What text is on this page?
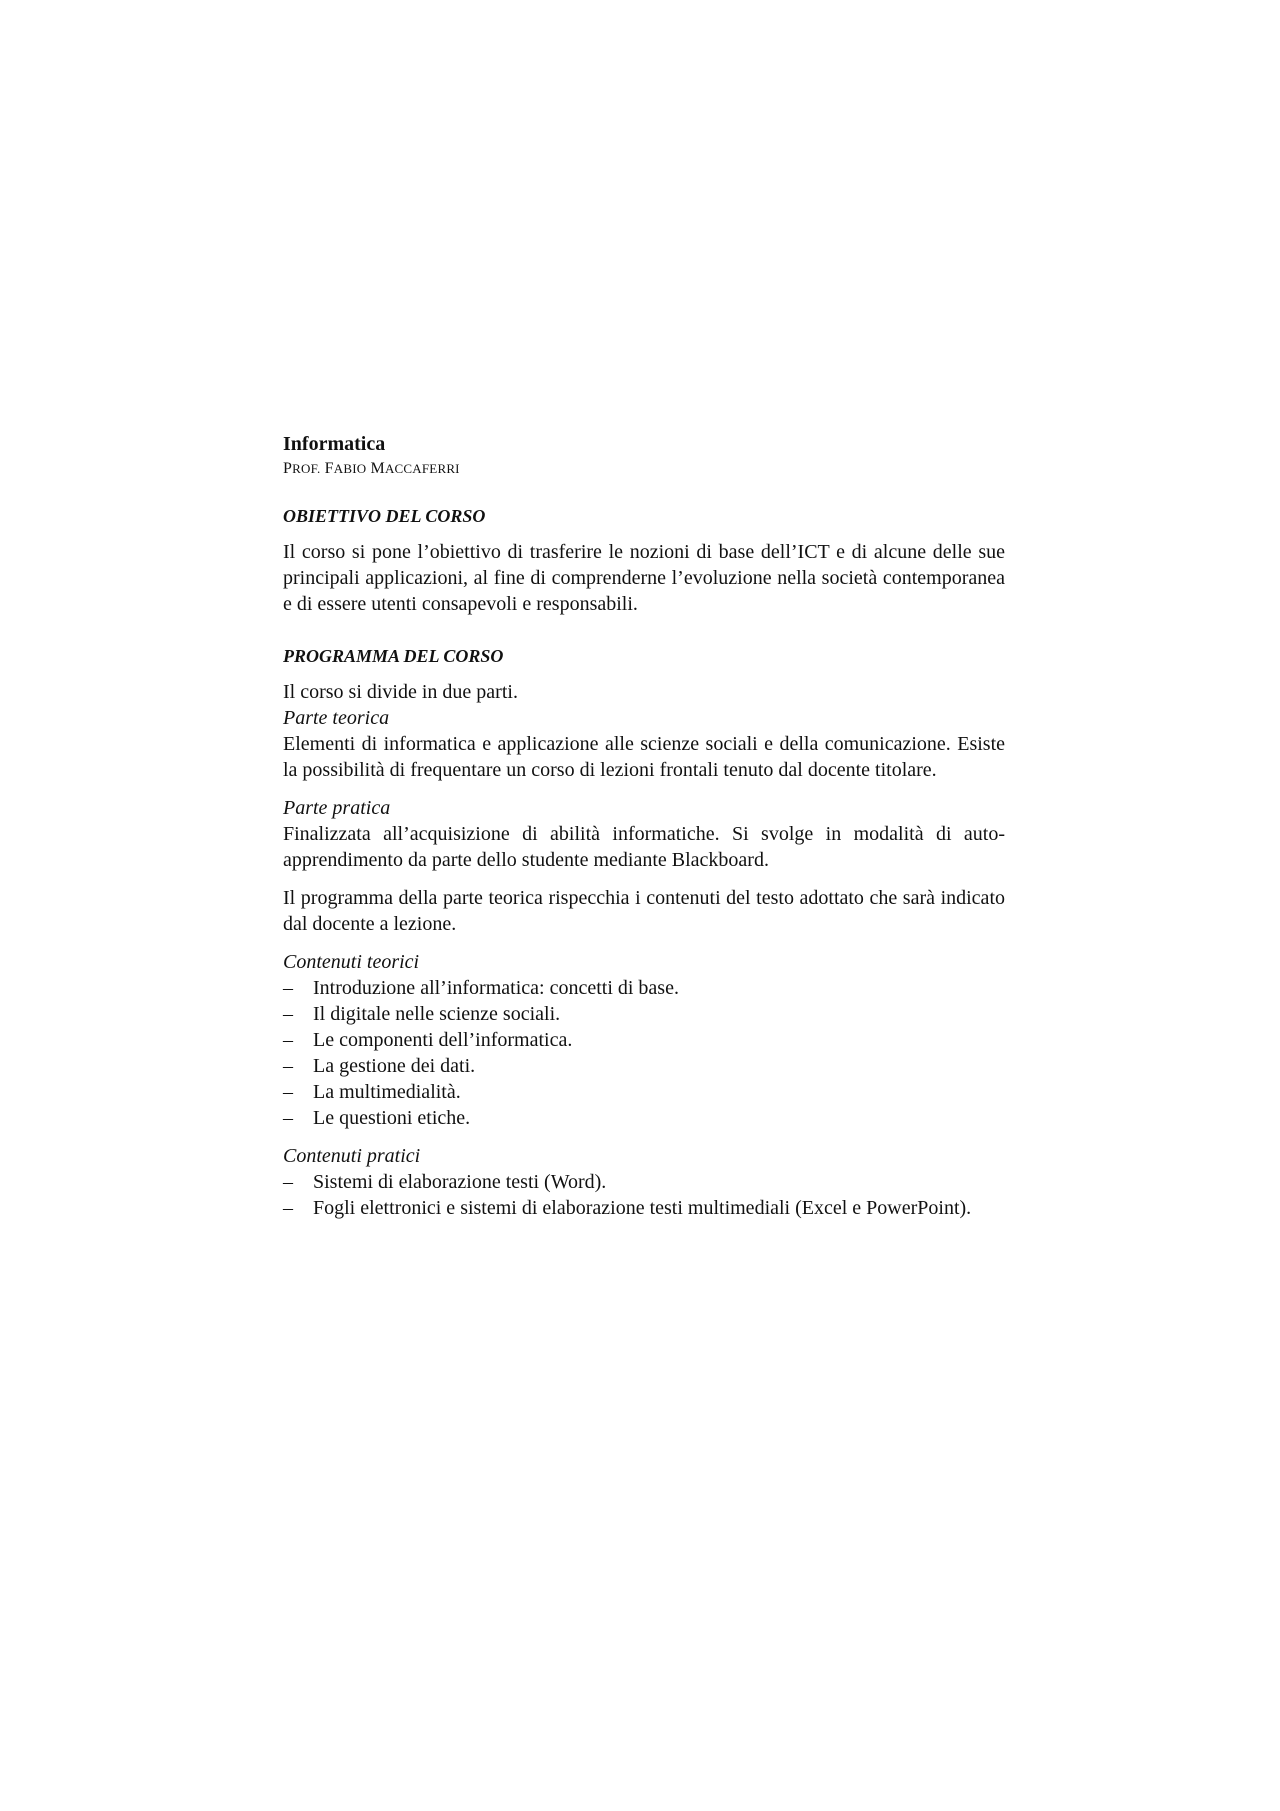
Informatica
PROF. FABIO MACCAFERRI
OBIETTIVO DEL CORSO

Il corso si pone l’obiettivo di trasferire le nozioni di base dell’ICT e di alcune delle sue principali applicazioni, al fine di comprenderne l’evoluzione nella società contemporanea e di essere utenti consapevoli e responsabili.

PROGRAMMA DEL CORSO

Il corso si divide in due parti.

Parte teorica

Elementi di informatica e applicazione alle scienze sociali e della comunicazione. Esiste la possibilità di frequentare un corso di lezioni frontali tenuto dal docente titolare.

Parte pratica

Finalizzata all’acquisizione di abilità informatiche. Si svolge in modalità di auto-apprendimento da parte dello studente mediante Blackboard.

Il programma della parte teorica rispecchia i contenuti del testo adottato che sarà indicato dal docente a lezione.

Contenuti teorici

– Introduzione all’informatica: concetti di base.
– Il digitale nelle scienze sociali.
– Le componenti dell’informatica.
– La gestione dei dati.
– La multimedialità.
– Le questioni etiche.

Contenuti pratici

– Sistemi di elaborazione testi (Word).
– Fogli elettronici e sistemi di elaborazione testi multimediali (Excel e PowerPoint).
